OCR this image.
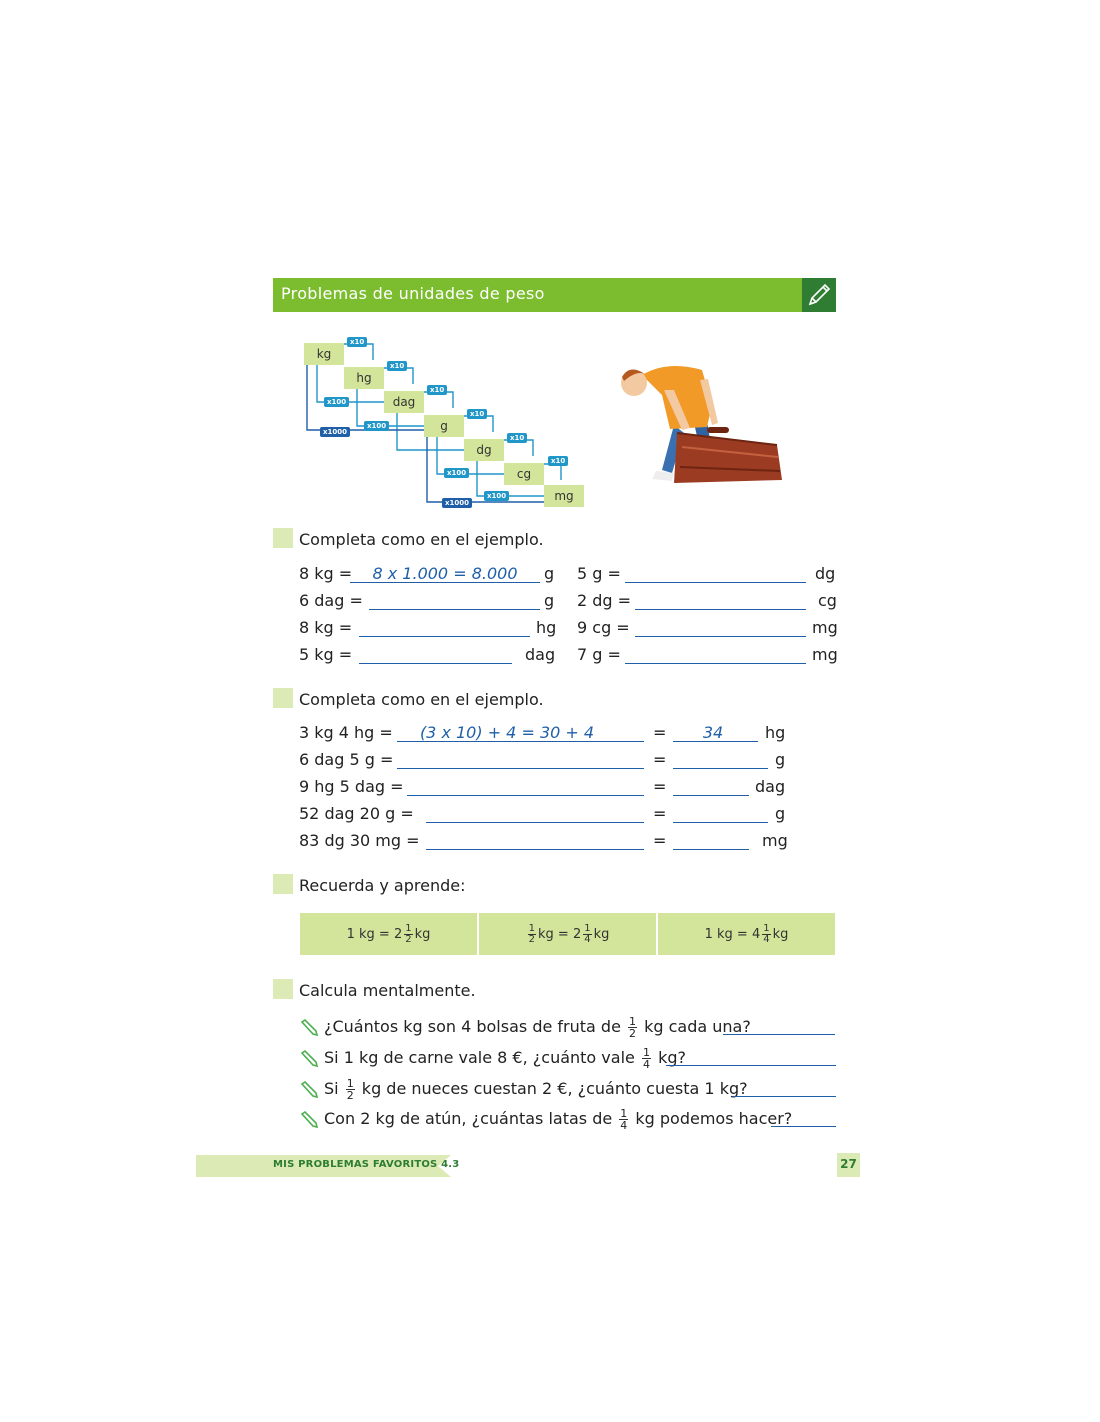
Problemas de unidades de peso
kg
hg
dag
g
dg
cg
mg
x10
x10
x10
x10
x10
x10
x100
x100
x100
x100
x1000
x1000
Completa como en el ejemplo.
8 kg =	8 x 1.000 = 8.000	g
6 dag =	g
8 kg =	hg
5 kg =	dag
5 g =	dg
2 dg =	cg
9 cg =	mg
7 g =	mg
Completa como en el ejemplo.
3 kg 4 hg =	(3 x 10) + 4 = 30 + 4	=	34	hg
6 dag 5 g =	=	g
9 hg 5 dag =	=	dag
52 dag 20 g =	=	g
83 dg 30 mg =	=	mg
Recuerda y aprende:
1 kg = $2 \frac{1}{2}$ kg	$\frac{1}{2}$ kg = $2 \frac{1}{4}$ kg	1 kg = $4 \frac{1}{4}$ kg
Calcula mentalmente.
¿Cuántos kg son 4 bolsas de fruta de $\frac{1}{2}$ kg cada una?
Si 1 kg de carne vale 8 €, ¿cuánto vale $\frac{1}{4}$ kg?
Si $\frac{1}{2}$ kg de nueces cuestan 2 €, ¿cuánto cuesta 1 kg?
Con 2 kg de atún, ¿cuántas latas de $\frac{1}{4}$ kg podemos hacer?
MIS PROBLEMAS FAVORITOS 4.3	27
